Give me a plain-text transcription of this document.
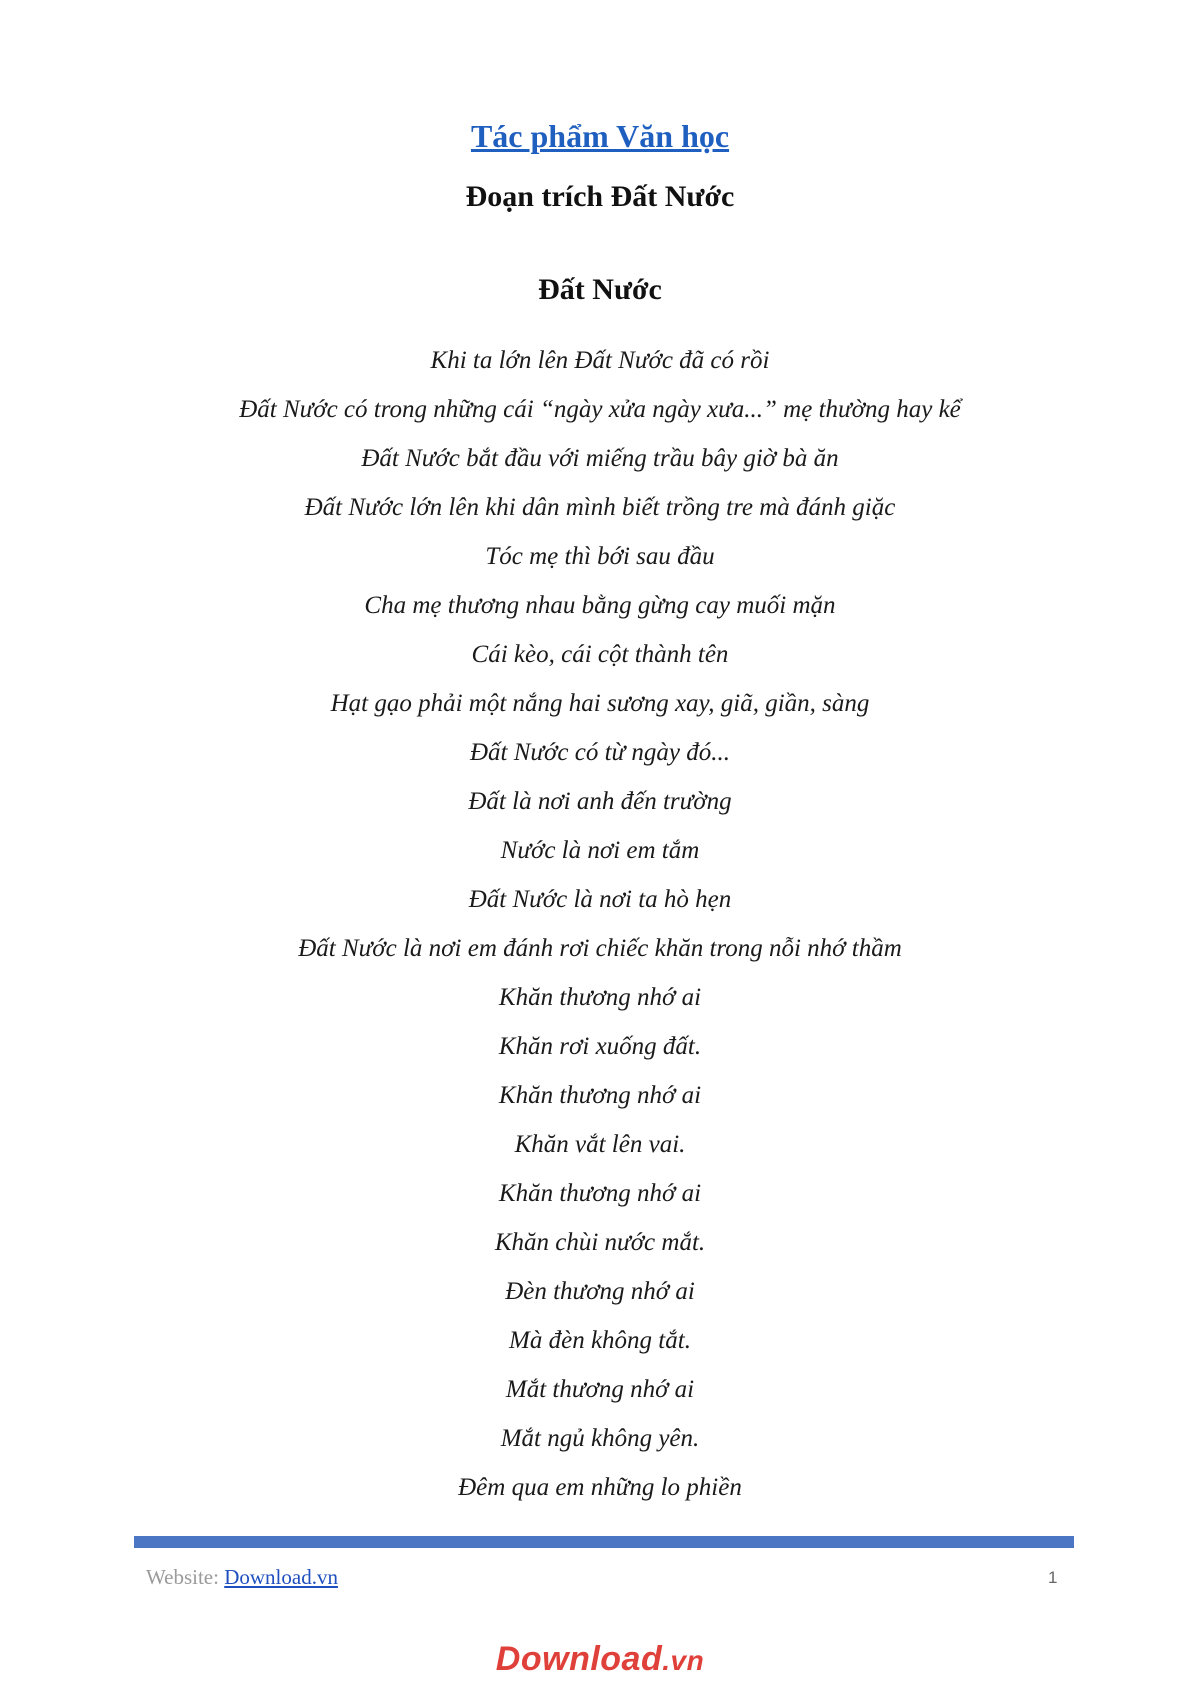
Tác phẩm Văn học
Đoạn trích Đất Nước
Đất Nước
Khi ta lớn lên Đất Nước đã có rồi
Đất Nước có trong những cái “ngày xửa ngày xưa...” mẹ thường hay kể
Đất Nước bắt đầu với miếng trầu bây giờ bà ăn
Đất Nước lớn lên khi dân mình biết trồng tre mà đánh giặc
Tóc mẹ thì bới sau đầu
Cha mẹ thương nhau bằng gừng cay muối mặn
Cái kèo, cái cột thành tên
Hạt gạo phải một nắng hai sương xay, giã, giần, sàng
Đất Nước có từ ngày đó...
Đất là nơi anh đến trường
Nước là nơi em tắm
Đất Nước là nơi ta hò hẹn
Đất Nước là nơi em đánh rơi chiếc khăn trong nỗi nhớ thầm
Khăn thương nhớ ai
Khăn rơi xuống đất.
Khăn thương nhớ ai
Khăn vắt lên vai.
Khăn thương nhớ ai
Khăn chùi nước mắt.
Đèn thương nhớ ai
Mà đèn không tắt.
Mắt thương nhớ ai
Mắt ngủ không yên.
Đêm qua em những lo phiền
Website: Download.vn	1
Download.vn
